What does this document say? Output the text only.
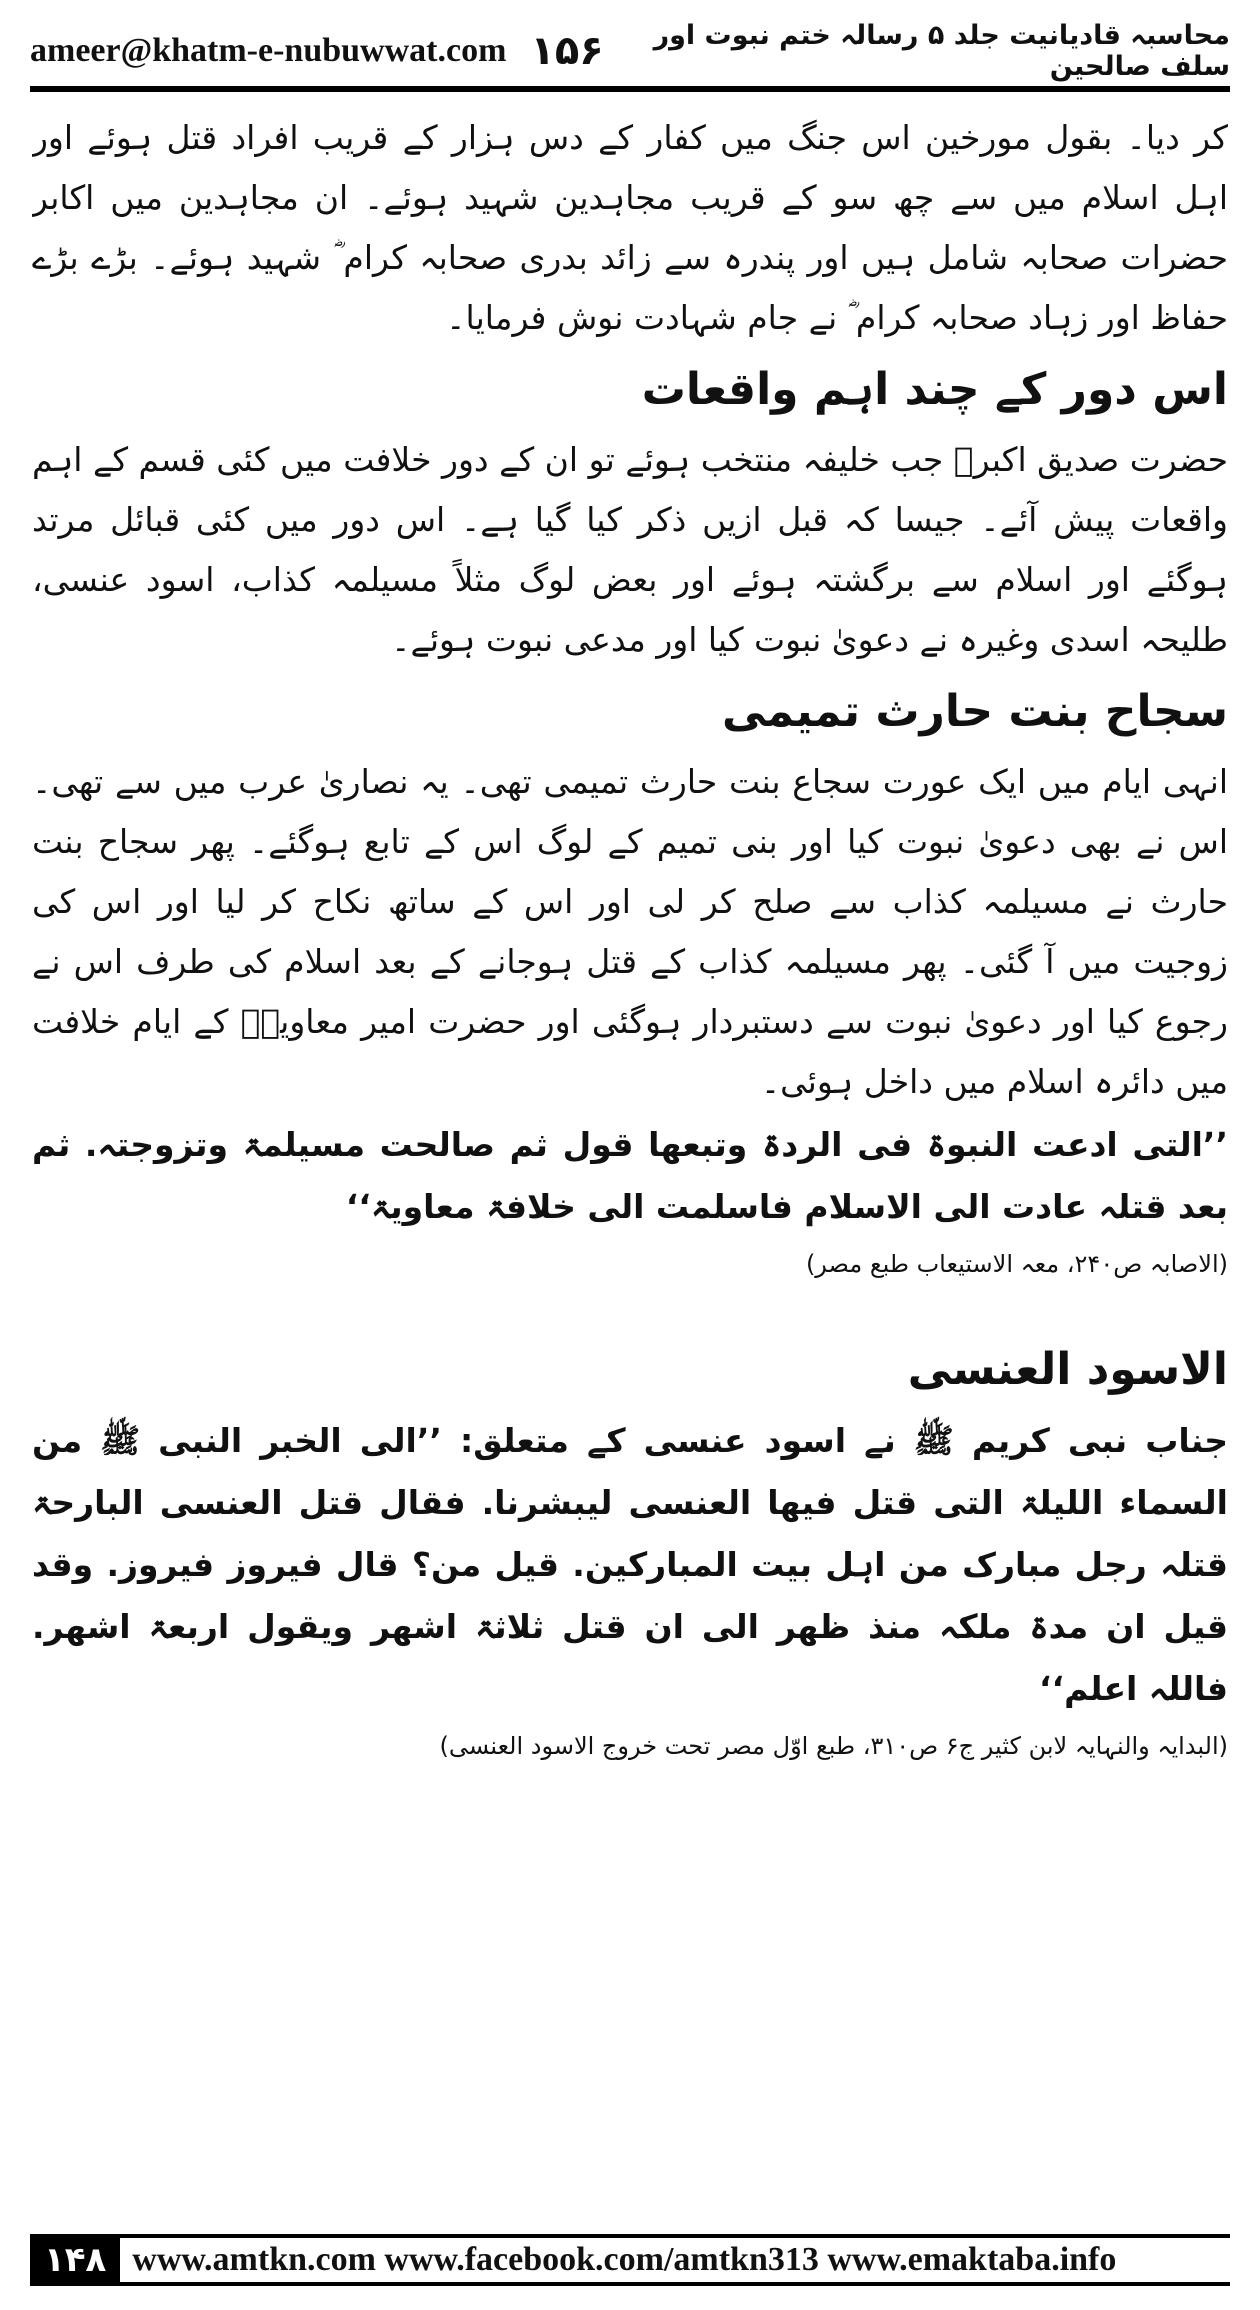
ameer@khatm-e-nubuwwat.com ۱۵۶	محاسبہ قادیانیت جلد ۵ رسالہ ختم نبوت اور سلف صالحین

کر دیا۔ بقول مورخین اس جنگ میں کفار کے دس ہزار کے قریب افراد قتل ہوئے اور اہل اسلام میں سے چھ سو کے قریب مجاہدین شہید ہوئے۔ ان مجاہدین میں اکابر حضرات صحابہ شامل ہیں اور پندرہ سے زائد بدری صحابہ کرام ؓ شہید ہوئے۔ بڑے بڑے حفاظ اور زہاد صحابہ کرام ؓ نے جام شہادت نوش فرمایا۔

اس دور کے چند اہم واقعات

حضرت صدیق اکبرؓ جب خلیفہ منتخب ہوئے تو ان کے دور خلافت میں کئی قسم کے اہم واقعات پیش آئے۔ جیسا کہ قبل ازیں ذکر کیا گیا ہے۔ اس دور میں کئی قبائل مرتد ہوگئے اور اسلام سے برگشتہ ہوئے اور بعض لوگ مثلاً مسیلمہ کذاب، اسود عنسی، طلیحہ اسدی وغیرہ نے دعویٰ نبوت کیا اور مدعی نبوت ہوئے۔

سجاح بنت حارث تمیمی

انہی ایام میں ایک عورت سجاع بنت حارث تمیمی تھی۔ یہ نصاریٰ عرب میں سے تھی۔ اس نے بھی دعویٰ نبوت کیا اور بنی تمیم کے لوگ اس کے تابع ہوگئے۔ پھر سجاح بنت حارث نے مسیلمہ کذاب سے صلح کر لی اور اس کے ساتھ نکاح کر لیا اور اس کی زوجیت میں آ گئی۔ پھر مسیلمہ کذاب کے قتل ہوجانے کے بعد اسلام کی طرف اس نے رجوع کیا اور دعویٰ نبوت سے دستبردار ہوگئی اور حضرت امیر معاویہؓ کے ایام خلافت میں دائرہ اسلام میں داخل ہوئی۔

’’التی ادعت النبوۃ فی الردۃ وتبعھا قول ثم صالحت مسیلمۃ وتزوجتہ. ثم بعد قتلہ عادت الی الاسلام فاسلمت الی خلافۃ معاویۃ‘‘

(الاصابہ ص۲۴۰، معہ الاستیعاب طبع مصر)

الاسود العنسی

جناب نبی کریم ﷺ نے اسود عنسی کے متعلق: ’’الی الخبر النبی ﷺ من السماء اللیلۃ التی قتل فیھا العنسی لیبشرنا. فقال قتل العنسی البارحۃ قتلہ رجل مبارک من اہل بیت المبارکین. قیل من؟ قال فیروز فیروز. وقد قیل ان مدۃ ملکہ منذ ظھر الی ان قتل ثلاثۃ اشھر ویقول اربعۃ اشھر. فاللہ اعلم‘‘

(البدایہ والنہایہ لابن کثیر ج۶ ص۳۱۰، طبع اوّل مصر تحت خروج الاسود العنسی)

۱۴۸ www.amtkn.com www.facebook.com/amtkn313 www.emaktaba.info
